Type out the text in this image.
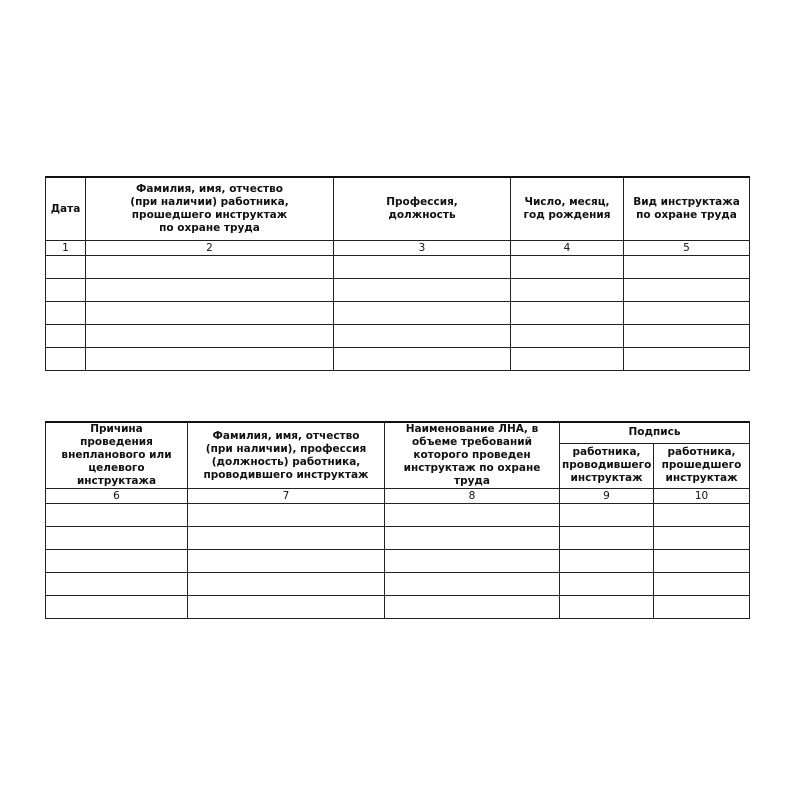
Дата	Фамилия, имя, отчество
(при наличии) работника,
прошедшего инструктаж
по охране труда	Профессия,
должность	Число, месяц,
год рождения	Вид инструктажа
по охране труда
1	2	3	4	5

Причина
проведения
внепланового или
целевого инструктажа	Фамилия, имя, отчество
(при наличии), профессия
(должность) работника,
проводившего инструктаж	Наименование ЛНА, в
объеме требований
которого проведен
инструктаж по охране труда	Подпись	
			работника,
проводившего
инструктаж	работника,
прошедшего
инструктаж
6	7	8	9	10
